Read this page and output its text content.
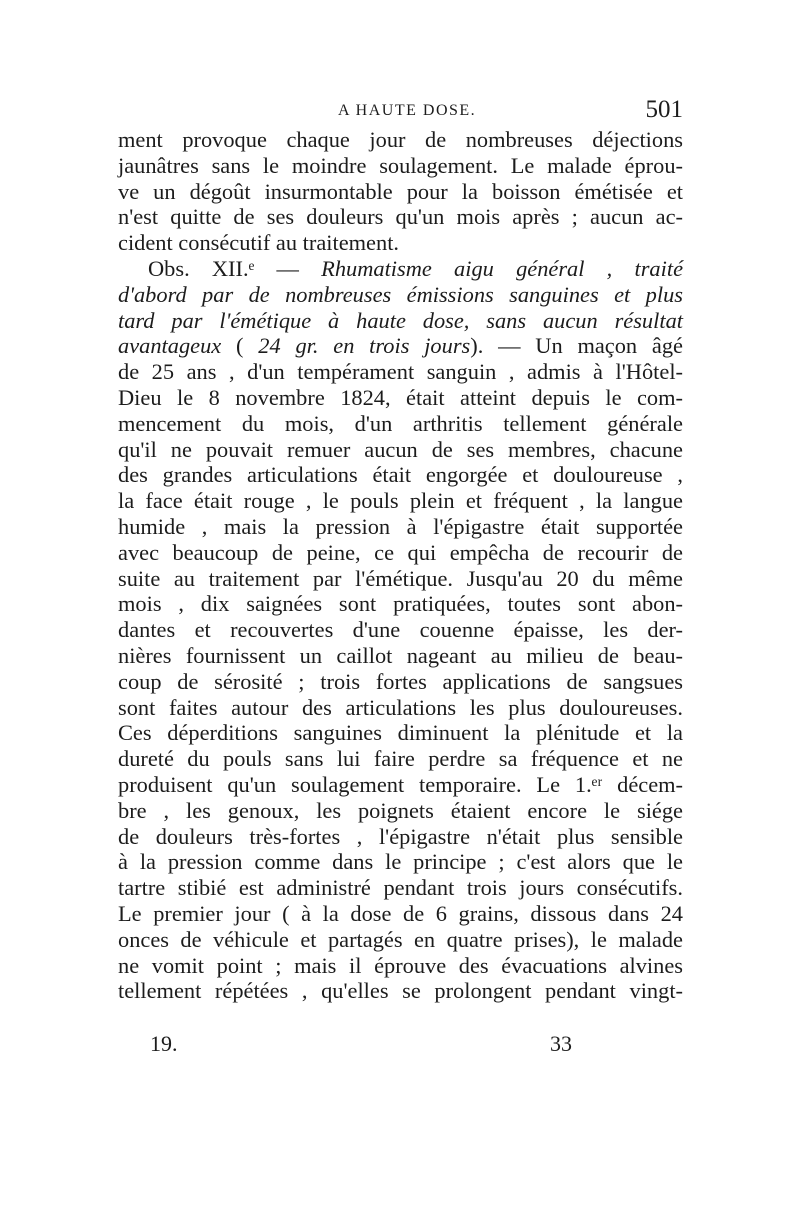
A HAUTE DOSE.	501
ment provoque chaque jour de nombreuses déjections
jaunâtres sans le moindre soulagement. Le malade éprou-
ve un dégoût insurmontable pour la boisson émétisée et
n'est quitte de ses douleurs qu'un mois après ; aucun ac-
cident consécutif au traitement.
Obs. XII.ᵉ — Rhumatisme aigu général , traité
d'abord par de nombreuses émissions sanguines et plus
tard par l'émétique à haute dose, sans aucun résultat
avantageux ( 24 gr. en trois jours). — Un maçon âgé
de 25 ans , d'un tempérament sanguin , admis à l'Hôtel-
Dieu le 8 novembre 1824, était atteint depuis le com-
mencement du mois, d'un arthritis tellement générale
qu'il ne pouvait remuer aucun de ses membres, chacune
des grandes articulations était engorgée et douloureuse ,
la face était rouge , le pouls plein et fréquent , la langue
humide , mais la pression à l'épigastre était supportée
avec beaucoup de peine, ce qui empêcha de recourir de
suite au traitement par l'émétique. Jusqu'au 20 du même
mois , dix saignées sont pratiquées, toutes sont abon-
dantes et recouvertes d'une couenne épaisse, les der-
nières fournissent un caillot nageant au milieu de beau-
coup de sérosité ; trois fortes applications de sangsues
sont faites autour des articulations les plus douloureuses.
Ces déperditions sanguines diminuent la plénitude et la
dureté du pouls sans lui faire perdre sa fréquence et ne
produisent qu'un soulagement temporaire. Le 1.ᵉʳ décem-
bre , les genoux, les poignets étaient encore le siége
de douleurs très-fortes , l'épigastre n'était plus sensible
à la pression comme dans le principe ; c'est alors que le
tartre stibié est administré pendant trois jours consécutifs.
Le premier jour ( à la dose de 6 grains, dissous dans 24
onces de véhicule et partagés en quatre prises), le malade
ne vomit point ; mais il éprouve des évacuations alvines
tellement répétées , qu'elles se prolongent pendant vingt-
19.	33
